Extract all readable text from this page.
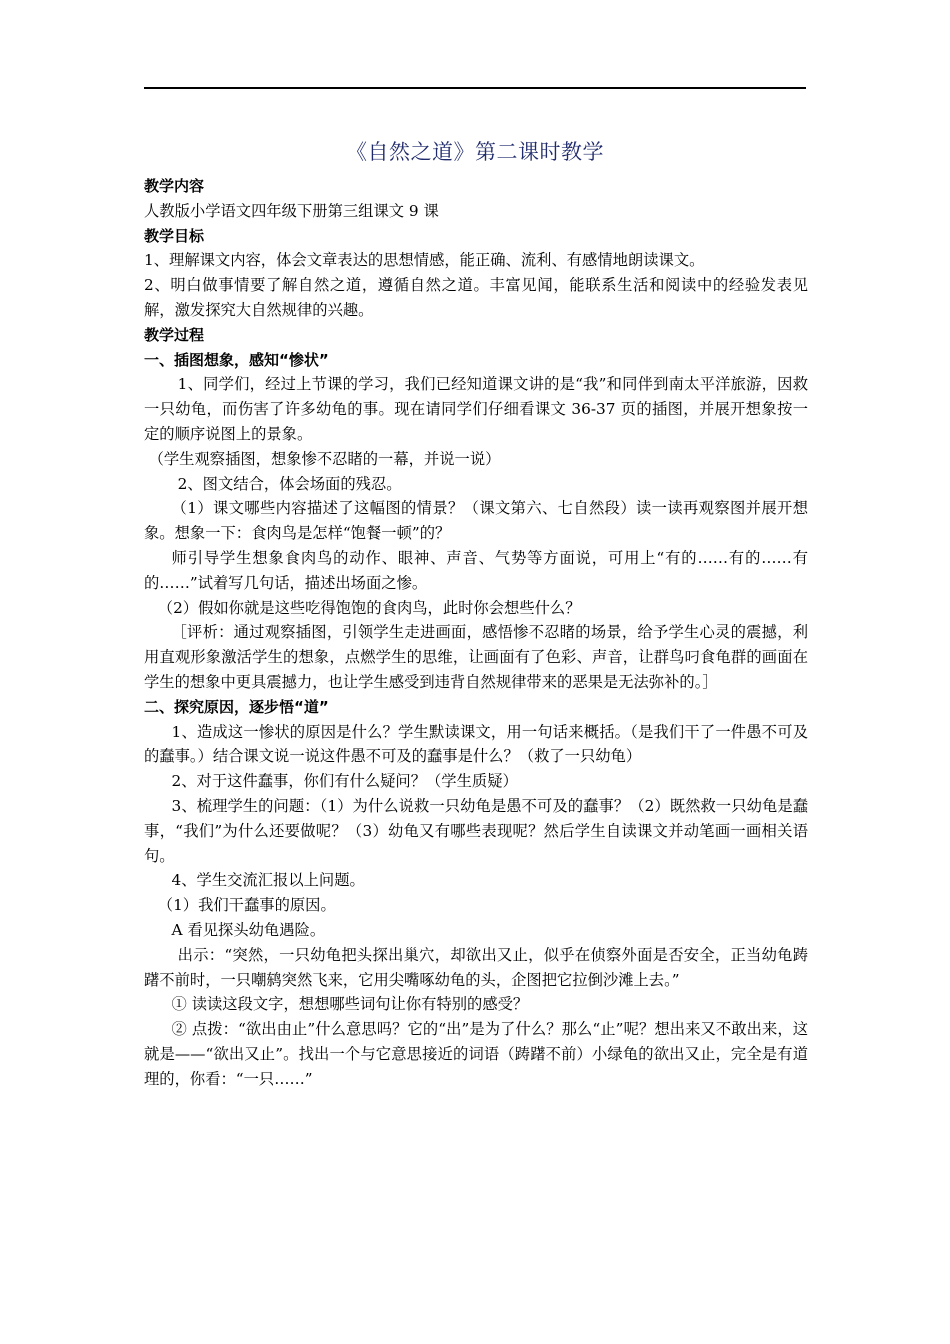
《自然之道》第二课时教学

教学内容

人教版小学语文四年级下册第三组课文 9 课

教学目标

1、理解课文内容，体会文章表达的思想情感，能正确、流利、有感情地朗读课文。

2、明白做事情要了解自然之道，遵循自然之道。丰富见闻，能联系生活和阅读中的经验发表见解，激发探究大自然规律的兴趣。

教学过程

一、插图想象，感知“惨状”

1、同学们，经过上节课的学习，我们已经知道课文讲的是“我”和同伴到南太平洋旅游，因救一只幼龟，而伤害了许多幼龟的事。现在请同学们仔细看课文 36-37 页的插图，并展开想象按一定的顺序说图上的景象。

（学生观察插图，想象惨不忍睹的一幕，并说一说）

2、图文结合，体会场面的残忍。

（1）课文哪些内容描述了这幅图的情景？（课文第六、七自然段）读一读再观察图并展开想象。想象一下：食肉鸟是怎样“饱餐一顿”的？

师引导学生想象食肉鸟的动作、眼神、声音、气势等方面说，可用上“有的……有的……有的……”试着写几句话，描述出场面之惨。

（2）假如你就是这些吃得饱饱的食肉鸟，此时你会想些什么？

［评析：通过观察插图，引领学生走进画面，感悟惨不忍睹的场景，给予学生心灵的震撼，利用直观形象激活学生的想象，点燃学生的思维，让画面有了色彩、声音，让群鸟叼食龟群的画面在学生的想象中更具震撼力，也让学生感受到违背自然规律带来的恶果是无法弥补的。］

二、探究原因，逐步悟“道”

1、造成这一惨状的原因是什么？学生默读课文，用一句话来概括。（是我们干了一件愚不可及的蠢事。）结合课文说一说这件愚不可及的蠢事是什么？（救了一只幼龟）

2、对于这件蠢事，你们有什么疑问？（学生质疑）

3、梳理学生的问题：（1）为什么说救一只幼龟是愚不可及的蠢事？（2）既然救一只幼龟是蠢事，“我们”为什么还要做呢？（3）幼龟又有哪些表现呢？然后学生自读课文并动笔画一画相关语句。

4、学生交流汇报以上问题。

（1）我们干蠢事的原因。

A 看见探头幼龟遇险。

出示：“突然，一只幼龟把头探出巢穴，却欲出又止，似乎在侦察外面是否安全，正当幼龟踌躇不前时，一只嘲鸫突然飞来，它用尖嘴啄幼龟的头，企图把它拉倒沙滩上去。”

① 读读这段文字，想想哪些词句让你有特别的感受？

② 点拨：“欲出由止”什么意思吗？它的“出”是为了什么？那么“止”呢？想出来又不敢出来，这就是——“欲出又止”。找出一个与它意思接近的词语（踌躇不前）小绿龟的欲出又止，完全是有道理的，你看：“一只……”
